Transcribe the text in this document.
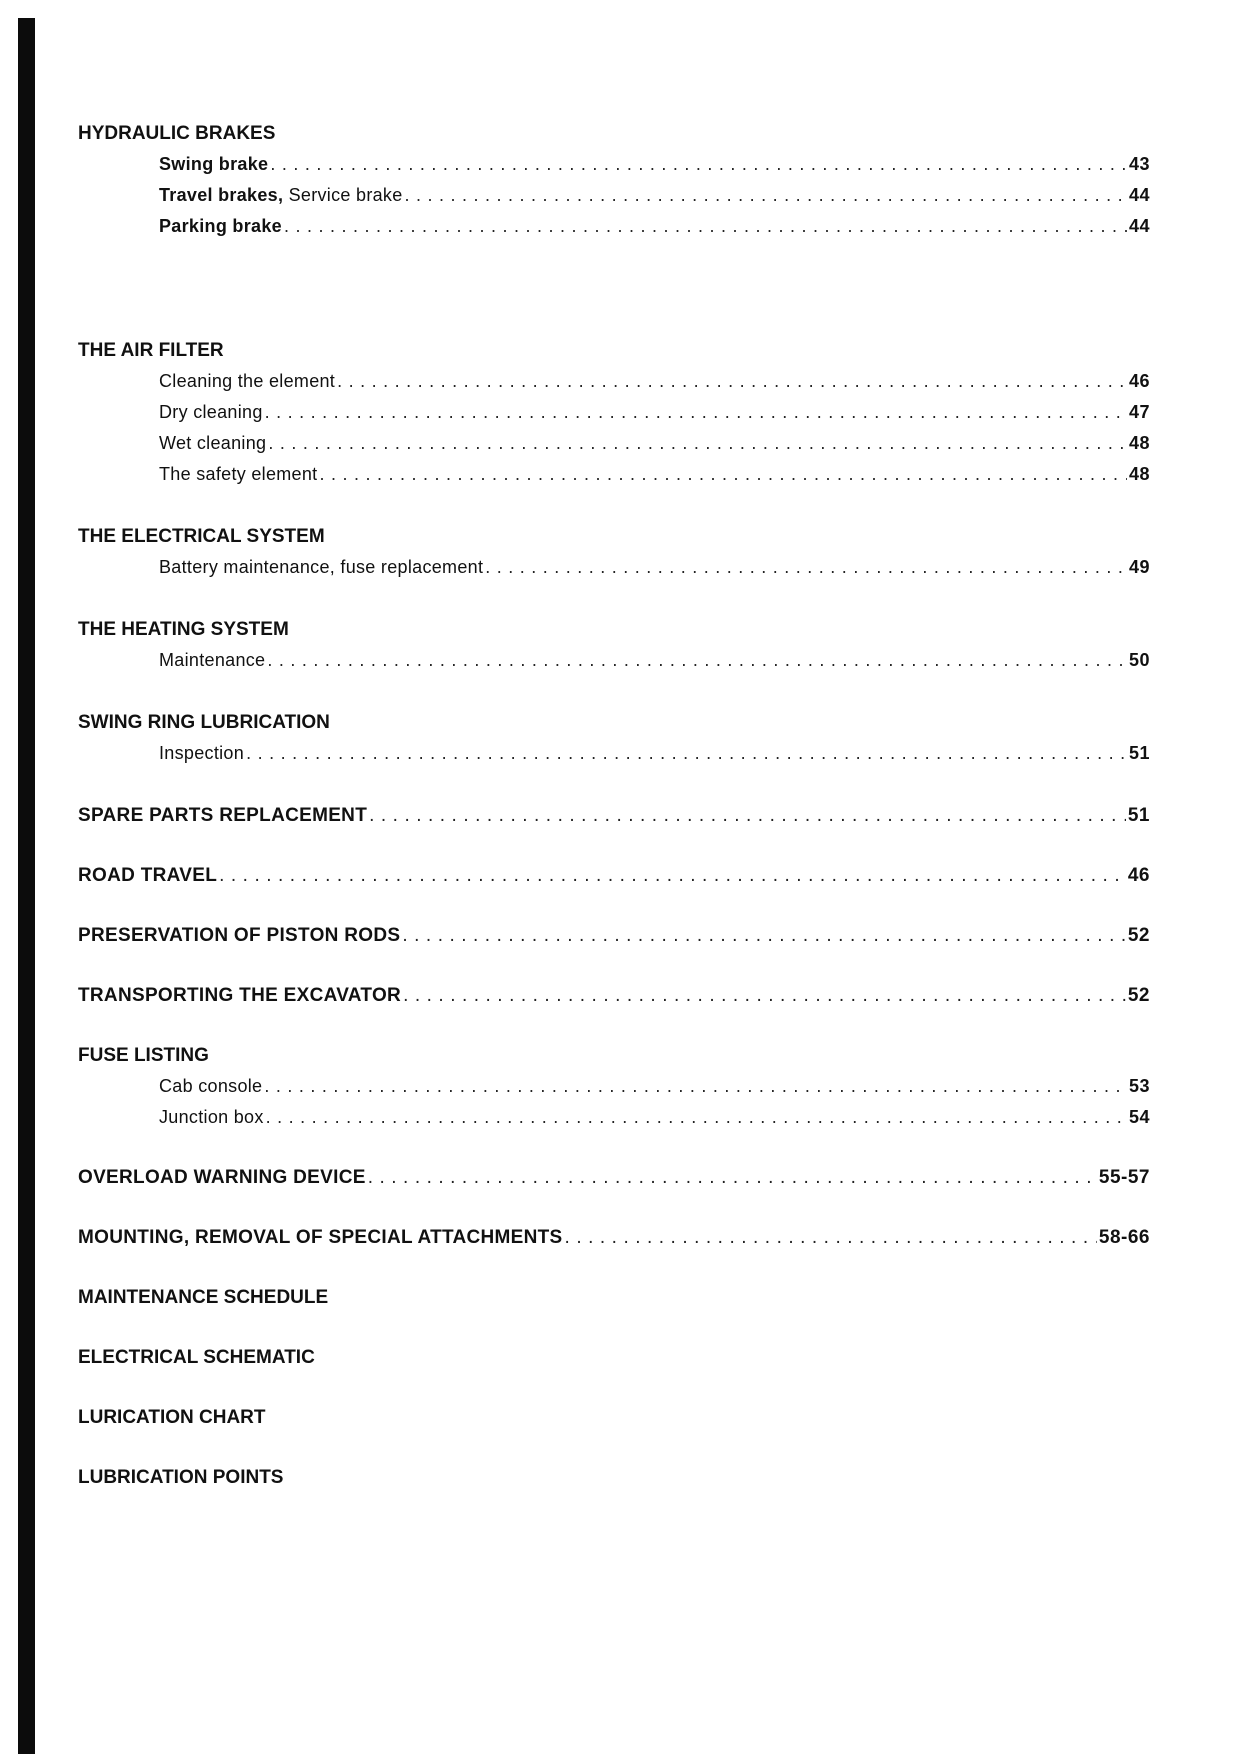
HYDRAULIC BRAKES
Swing brake .....	43
Travel brakes, Service brake .....	44
Parking brake .....	44
THE AIR FILTER
Cleaning the element .....	46
Dry cleaning .....	47
Wet cleaning .....	48
The safety element .....	48
THE ELECTRICAL SYSTEM
Battery maintenance, fuse replacement .....	49
THE HEATING SYSTEM
Maintenance .....	50
SWING RING LUBRICATION
Inspection .....	51
SPARE PARTS REPLACEMENT .....	51
ROAD TRAVEL .....	46
PRESERVATION OF PISTON RODS .....	52
TRANSPORTING THE EXCAVATOR .....	52
FUSE LISTING
Cab console .....	53
Junction box .....	54
OVERLOAD WARNING DEVICE .....	55-57
MOUNTING, REMOVAL OF SPECIAL ATTACHMENTS .....	58-66
MAINTENANCE SCHEDULE
ELECTRICAL SCHEMATIC
LURICATION CHART
LUBRICATION POINTS
